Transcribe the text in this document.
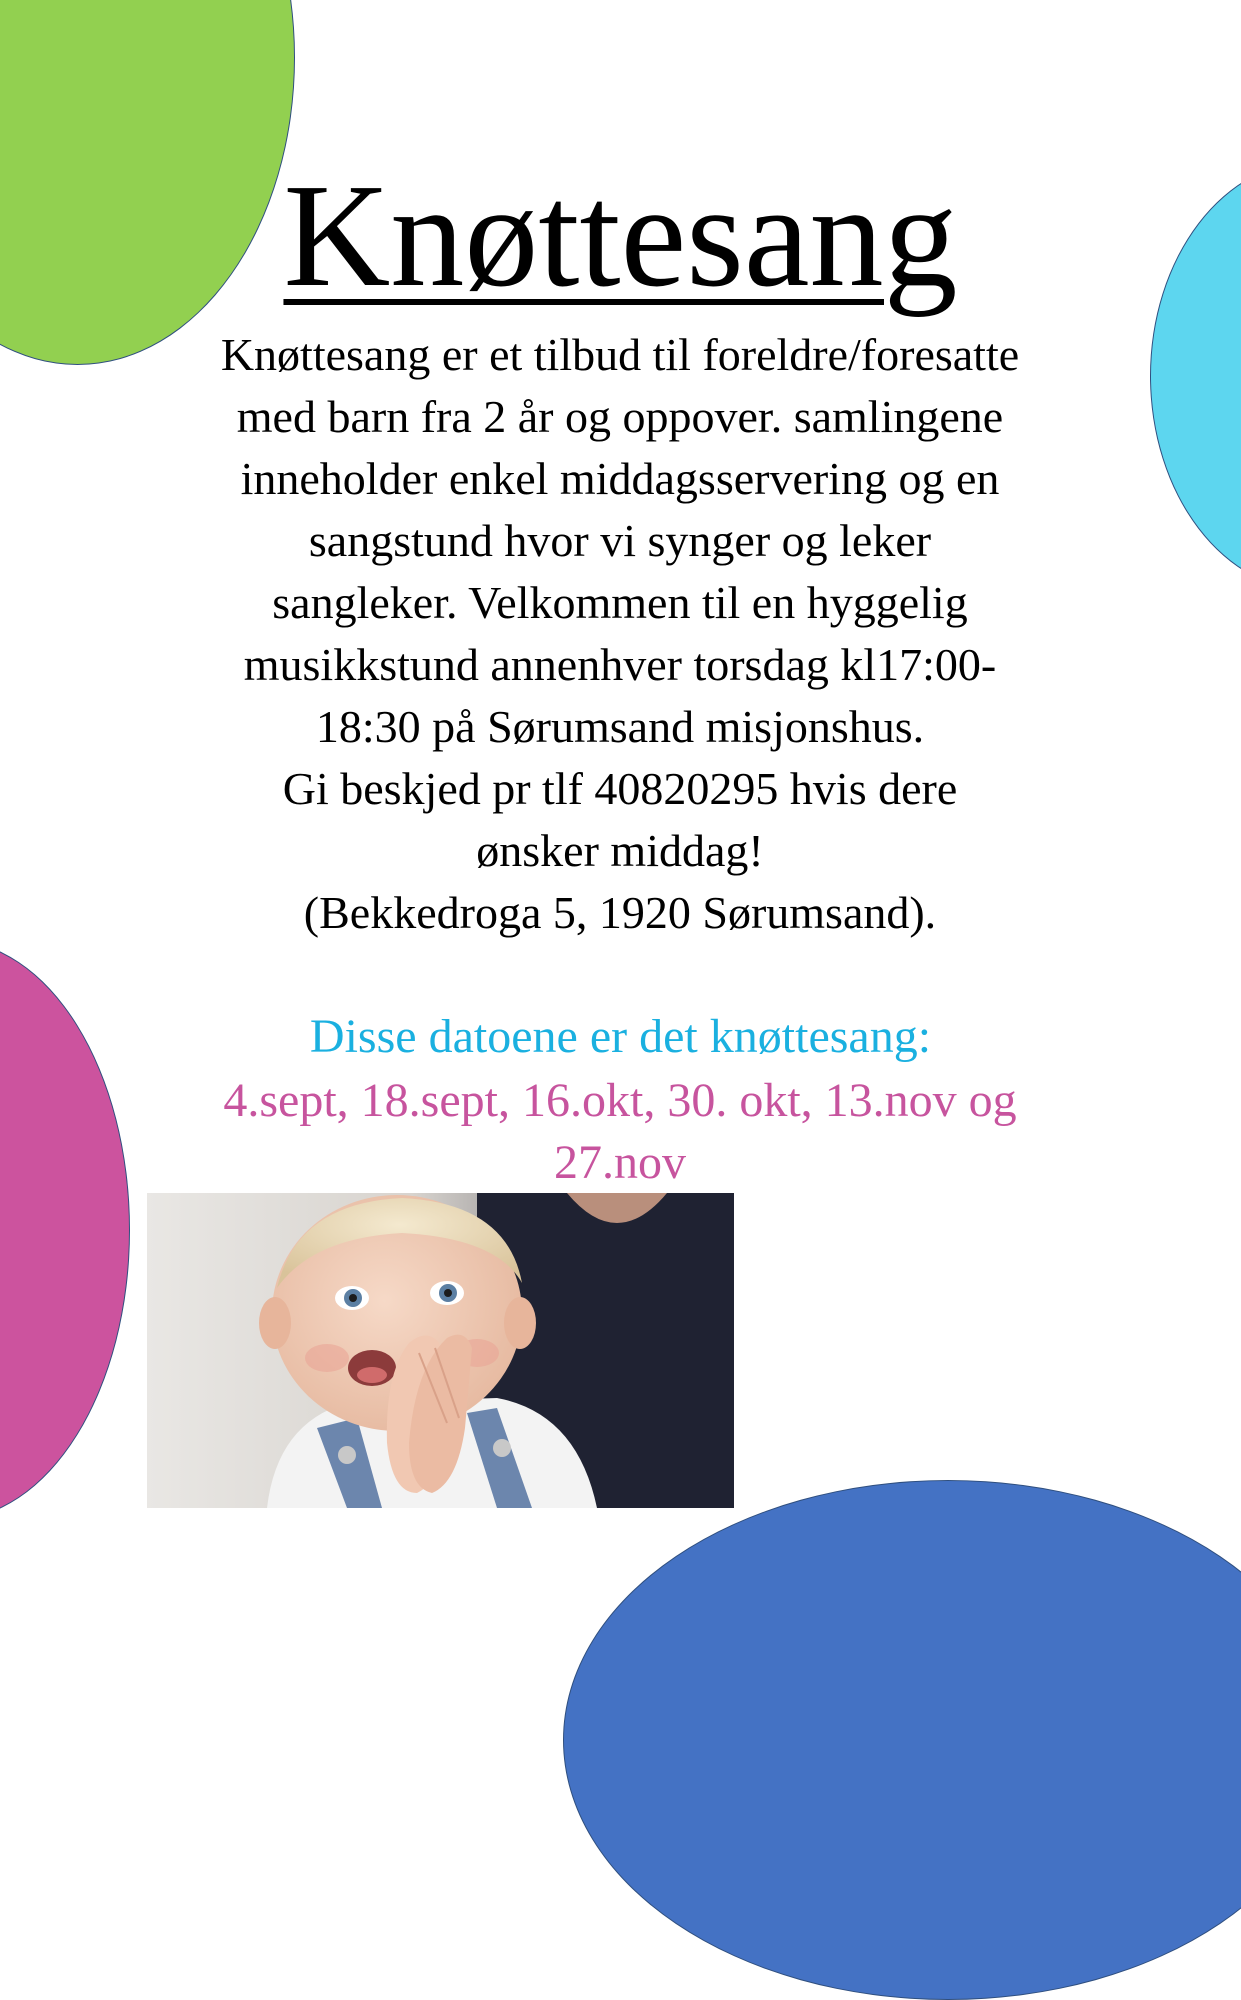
Knøttesang
Knøttesang er et tilbud til foreldre/foresatte
med barn fra 2 år og oppover. samlingene
inneholder enkel middagsservering og en
sangstund hvor vi synger og leker
sangleker. Velkommen til en hyggelig
musikkstund annenhver torsdag kl17:00-
18:30 på Sørumsand misjonshus.
Gi beskjed pr tlf 40820295 hvis dere
ønsker middag!
(Bekkedroga 5, 1920 Sørumsand).
Disse datoene er det knøttesang:
4.sept, 18.sept, 16.okt, 30. okt, 13.nov og
27.nov
